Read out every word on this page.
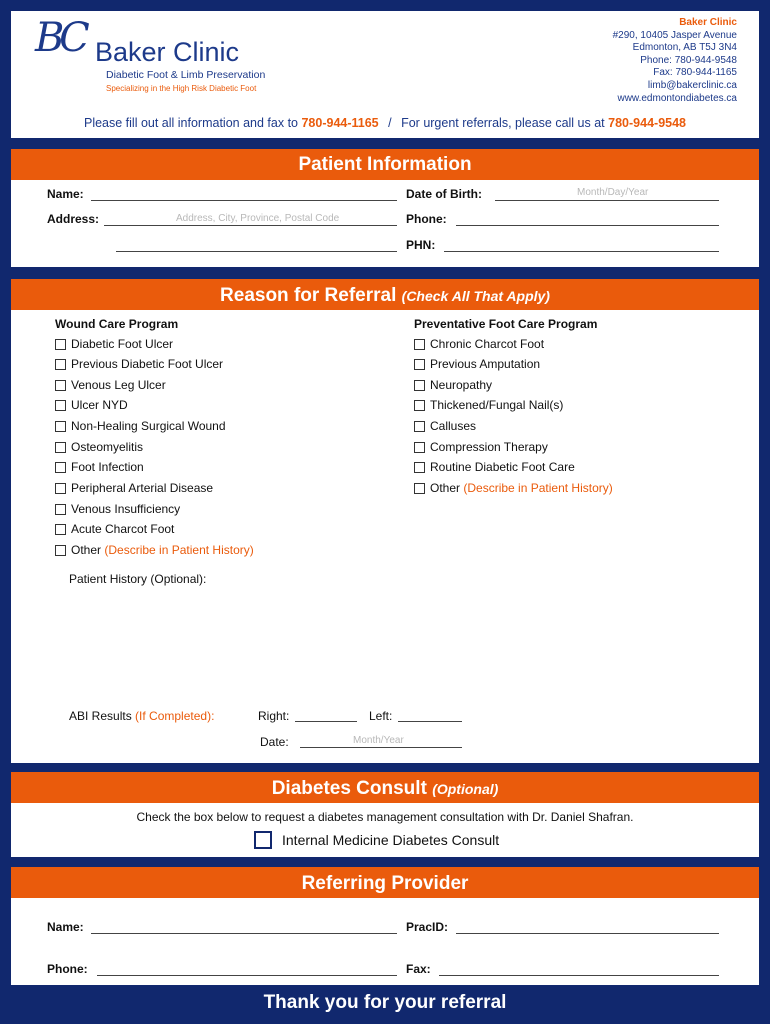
BC Baker Clinic
Diabetic Foot & Limb Preservation
Specializing in the High Risk Diabetic Foot
Baker Clinic
#290, 10405 Jasper Avenue
Edmonton, AB T5J 3N4
Phone: 780-944-9548
Fax: 780-944-1165
limb@bakerclinic.ca
www.edmontondiabetes.ca
Please fill out all information and fax to 780-944-1165 / For urgent referrals, please call us at 780-944-9548
Patient Information
Name:	Date of Birth:	Month/Day/Year
Address:	Address, City, Province, Postal Code	Phone:
PHN:
Reason for Referral (Check All That Apply)
Wound Care Program	Preventative Foot Care Program
Diabetic Foot Ulcer
Previous Diabetic Foot Ulcer
Venous Leg Ulcer
Ulcer NYD
Non-Healing Surgical Wound
Osteomyelitis
Foot Infection
Peripheral Arterial Disease
Venous Insufficiency
Acute Charcot Foot
Other
(Describe in Patient History)
Chronic Charcot Foot
Previous Amputation
Neuropathy
Thickened/Fungal Nail(s)
Calluses
Compression Therapy
Routine Diabetic Foot Care
Other
(Describe in Patient History)
Patient History (Optional):
ABI Results (If Completed):	Right:	Left:
Date:	Month/Year
Diabetes Consult (Optional)
Check the box below to request a diabetes management consultation with Dr. Daniel Shafran.
Internal Medicine Diabetes Consult
Referring Provider
Name:	PracID:
Phone:	Fax:
Thank you for your referral
